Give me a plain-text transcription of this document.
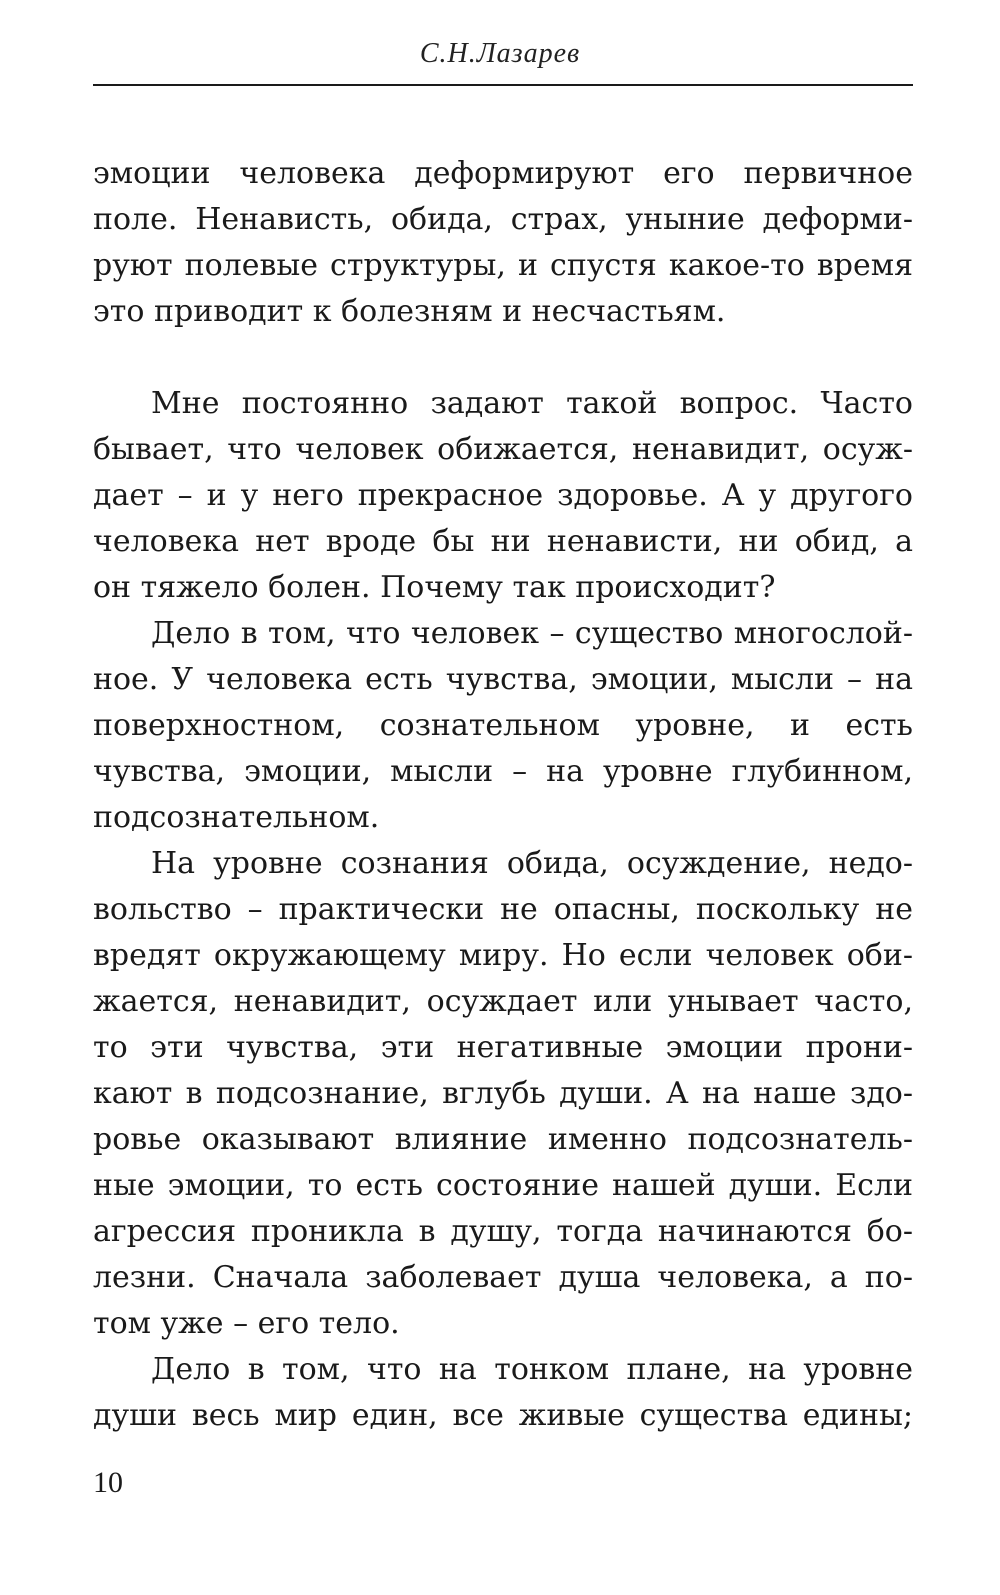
С.Н.Лазарев
эмоции человека деформируют его первичное
поле. Ненависть, обида, страх, уныние деформи-
руют полевые структуры, и спустя какое-то время
это приводит к болезням и несчастьям.
Мне постоянно задают такой вопрос. Часто
бывает, что человек обижается, ненавидит, осуж-
дает – и у него прекрасное здоровье. А у другого
человека нет вроде бы ни ненависти, ни обид, а
он тяжело болен. Почему так происходит?
Дело в том, что человек – существо многослой-
ное. У человека есть чувства, эмоции, мысли – на
поверхностном, сознательном уровне, и есть
чувства, эмоции, мысли – на уровне глубинном,
подсознательном.
На уровне сознания обида, осуждение, недо-
вольство – практически не опасны, поскольку не
вредят окружающему миру. Но если человек оби-
жается, ненавидит, осуждает или унывает часто,
то эти чувства, эти негативные эмоции прони-
кают в подсознание, вглубь души. А на наше здо-
ровье оказывают влияние именно подсознатель-
ные эмоции, то есть состояние нашей души. Если
агрессия проникла в душу, тогда начинаются бо-
лезни. Сначала заболевает душа человека, а по-
том уже – его тело.
Дело в том, что на тонком плане, на уровне
души весь мир един, все живые существа едины;
10
